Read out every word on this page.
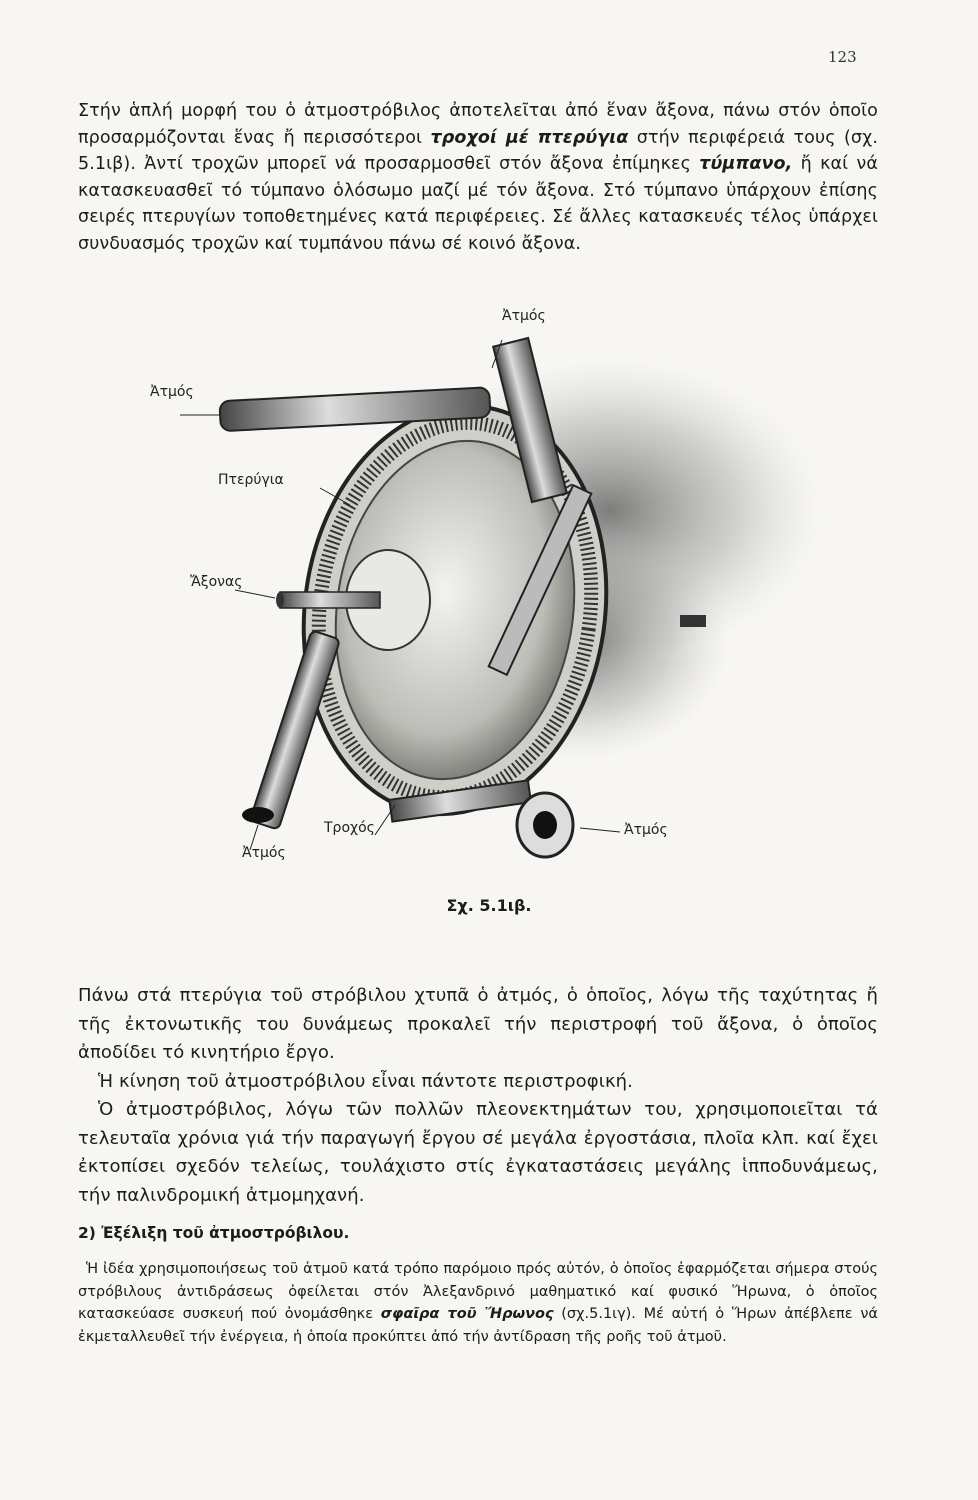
123
Στήν ἁπλή μορφή του ὁ ἀτμοστρόβιλος ἀποτελεῖται ἀπό ἕναν ἄξονα, πάνω στόν ὁποῖο προσαρμόζονται ἕνας ἤ περισσότεροι τροχοί μέ πτερύγια στήν περιφέρειά τους (σχ. 5.1ιβ). Ἀντί τροχῶν μπορεῖ νά προσαρμοσθεῖ στόν ἄξονα ἐπίμηκες τύμπανο, ἤ καί νά κατασκευασθεῖ τό τύμπανο ὁλόσωμο μαζί μέ τόν ἄξονα. Στό τύμπανο ὑπάρχουν ἐπίσης σειρές πτερυγίων τοποθετημένες κατά περιφέρειες. Σέ ἄλλες κατασκευές τέλος ὑπάρχει συνδυασμός τροχῶν καί τυμπάνου πάνω σέ κοινό ἄξονα.
Ἀτμός
Ἀτμός
Πτερύγια
Ἄξονας
Τροχός	Ἀτμός
Ἀτμός
Σχ. 5.1ιβ.

Πάνω στά πτερύγια τοῦ στρόβιλου χτυπᾶ ὁ ἀτμός, ὁ ὁποῖος, λόγω τῆς ταχύτητας ἤ τῆς ἐκτονωτικῆς του δυνάμεως προκαλεῖ τήν περιστροφή τοῦ ἄξονα, ὁ ὁποῖος ἀποδίδει τό κινητήριο ἔργο.

Ἡ κίνηση τοῦ ἀτμοστρόβιλου εἶναι πάντοτε περιστροφική.

Ὁ ἀτμοστρόβιλος, λόγω τῶν πολλῶν πλεονεκτημάτων του, χρησιμοποιεῖται τά τελευταῖα χρόνια γιά τήν παραγωγή ἔργου σέ μεγάλα ἐργοστάσια, πλοῖα κλπ. καί ἔχει ἐκτοπίσει σχεδόν τελείως, τουλάχιστο στίς ἐγκαταστάσεις μεγάλης ἱπποδυνάμεως, τήν παλινδρομική ἀτμομηχανή.

2) Ἐξέλιξη τοῦ ἀτμοστρόβιλου.
Ἡ ἰδέα χρησιμοποιήσεως τοῦ ἀτμοῦ κατά τρόπο παρόμοιο πρός αὐτόν, ὁ ὁποῖος ἐφαρμόζεται σήμερα στούς στρόβιλους ἀντιδράσεως ὀφείλεται στόν Ἀλεξανδρινό μαθηματικό καί φυσικό Ἥρωνα, ὁ ὁποῖος κατασκεύασε συσκευή πού ὀνομάσθηκε σφαῖρα τοῦ Ἥρωνος (σχ.5.1ιγ). Μέ αὐτή ὁ Ἥρων ἀπέβλεπε νά ἐκμεταλλευθεῖ τήν ἐνέργεια, ἡ ὁποία προκύπτει ἀπό τήν ἀντίδραση τῆς ροῆς τοῦ ἀτμοῦ.
